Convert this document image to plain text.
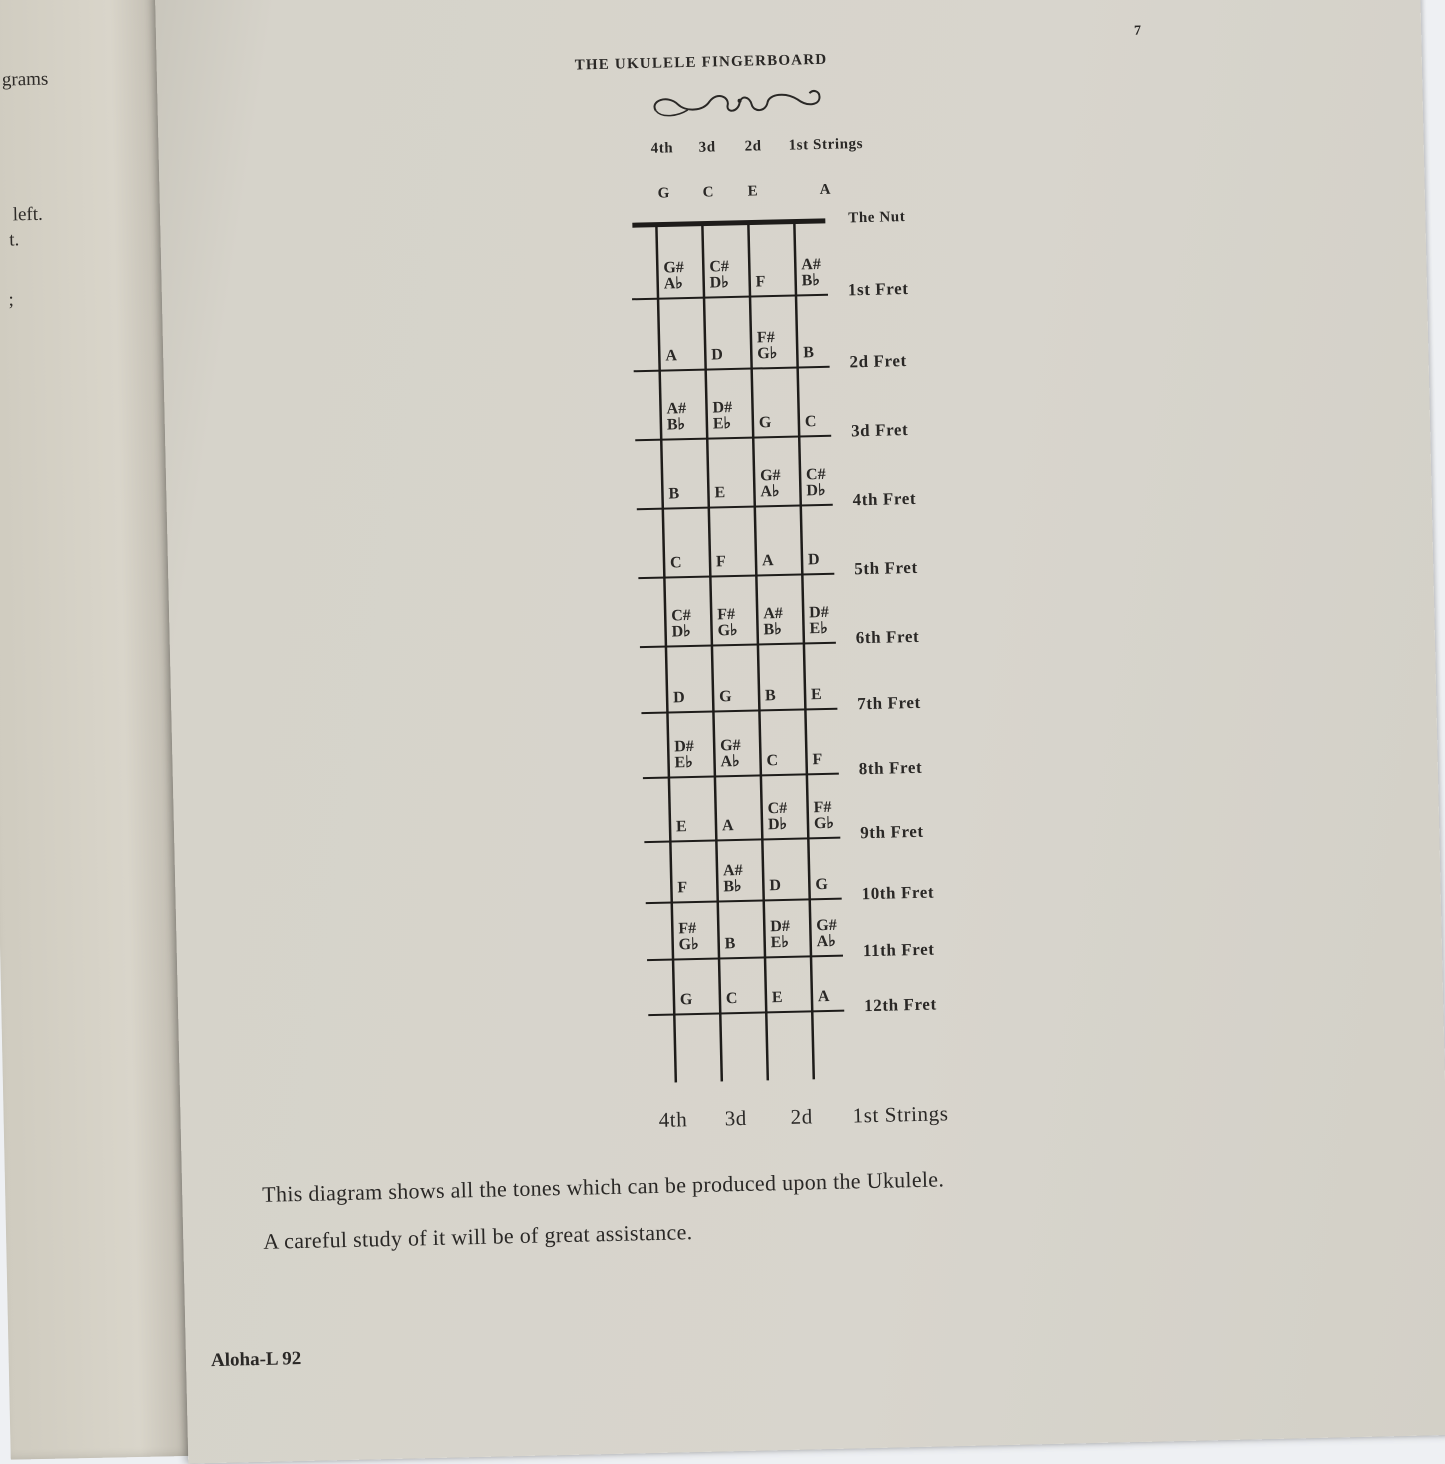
grams
left.
t.
;
THE UKULELE FINGERBOARD
7
4th 3d 2d 1st Strings
G C E	A
G#
A♭
C#
D♭ F
A#
B♭ 1st Fret
A D
F#
G♭ B 2d Fret
A#
B♭
D#
E♭ G C 3d Fret
B E
G#
A♭
C#
D♭ 4th Fret
C F A D 5th Fret
C#
D♭
F#
G♭
A#
B♭
D#
E♭ 6th Fret
D G B E 7th Fret
D#
E♭
G#
A♭ C F 8th Fret
E A
C#
D♭
F#
G♭ 9th Fret
F
A#
B♭ D G 10th Fret
F#
G♭ B
D#
E♭
G#
A♭ 11th Fret
G C E A 12th Fret
The Nut
4th 3d 2d 1st Strings
This diagram shows all the tones which can be produced upon the Ukulele.
A careful study of it will be of great assistance.
Aloha-L 92
